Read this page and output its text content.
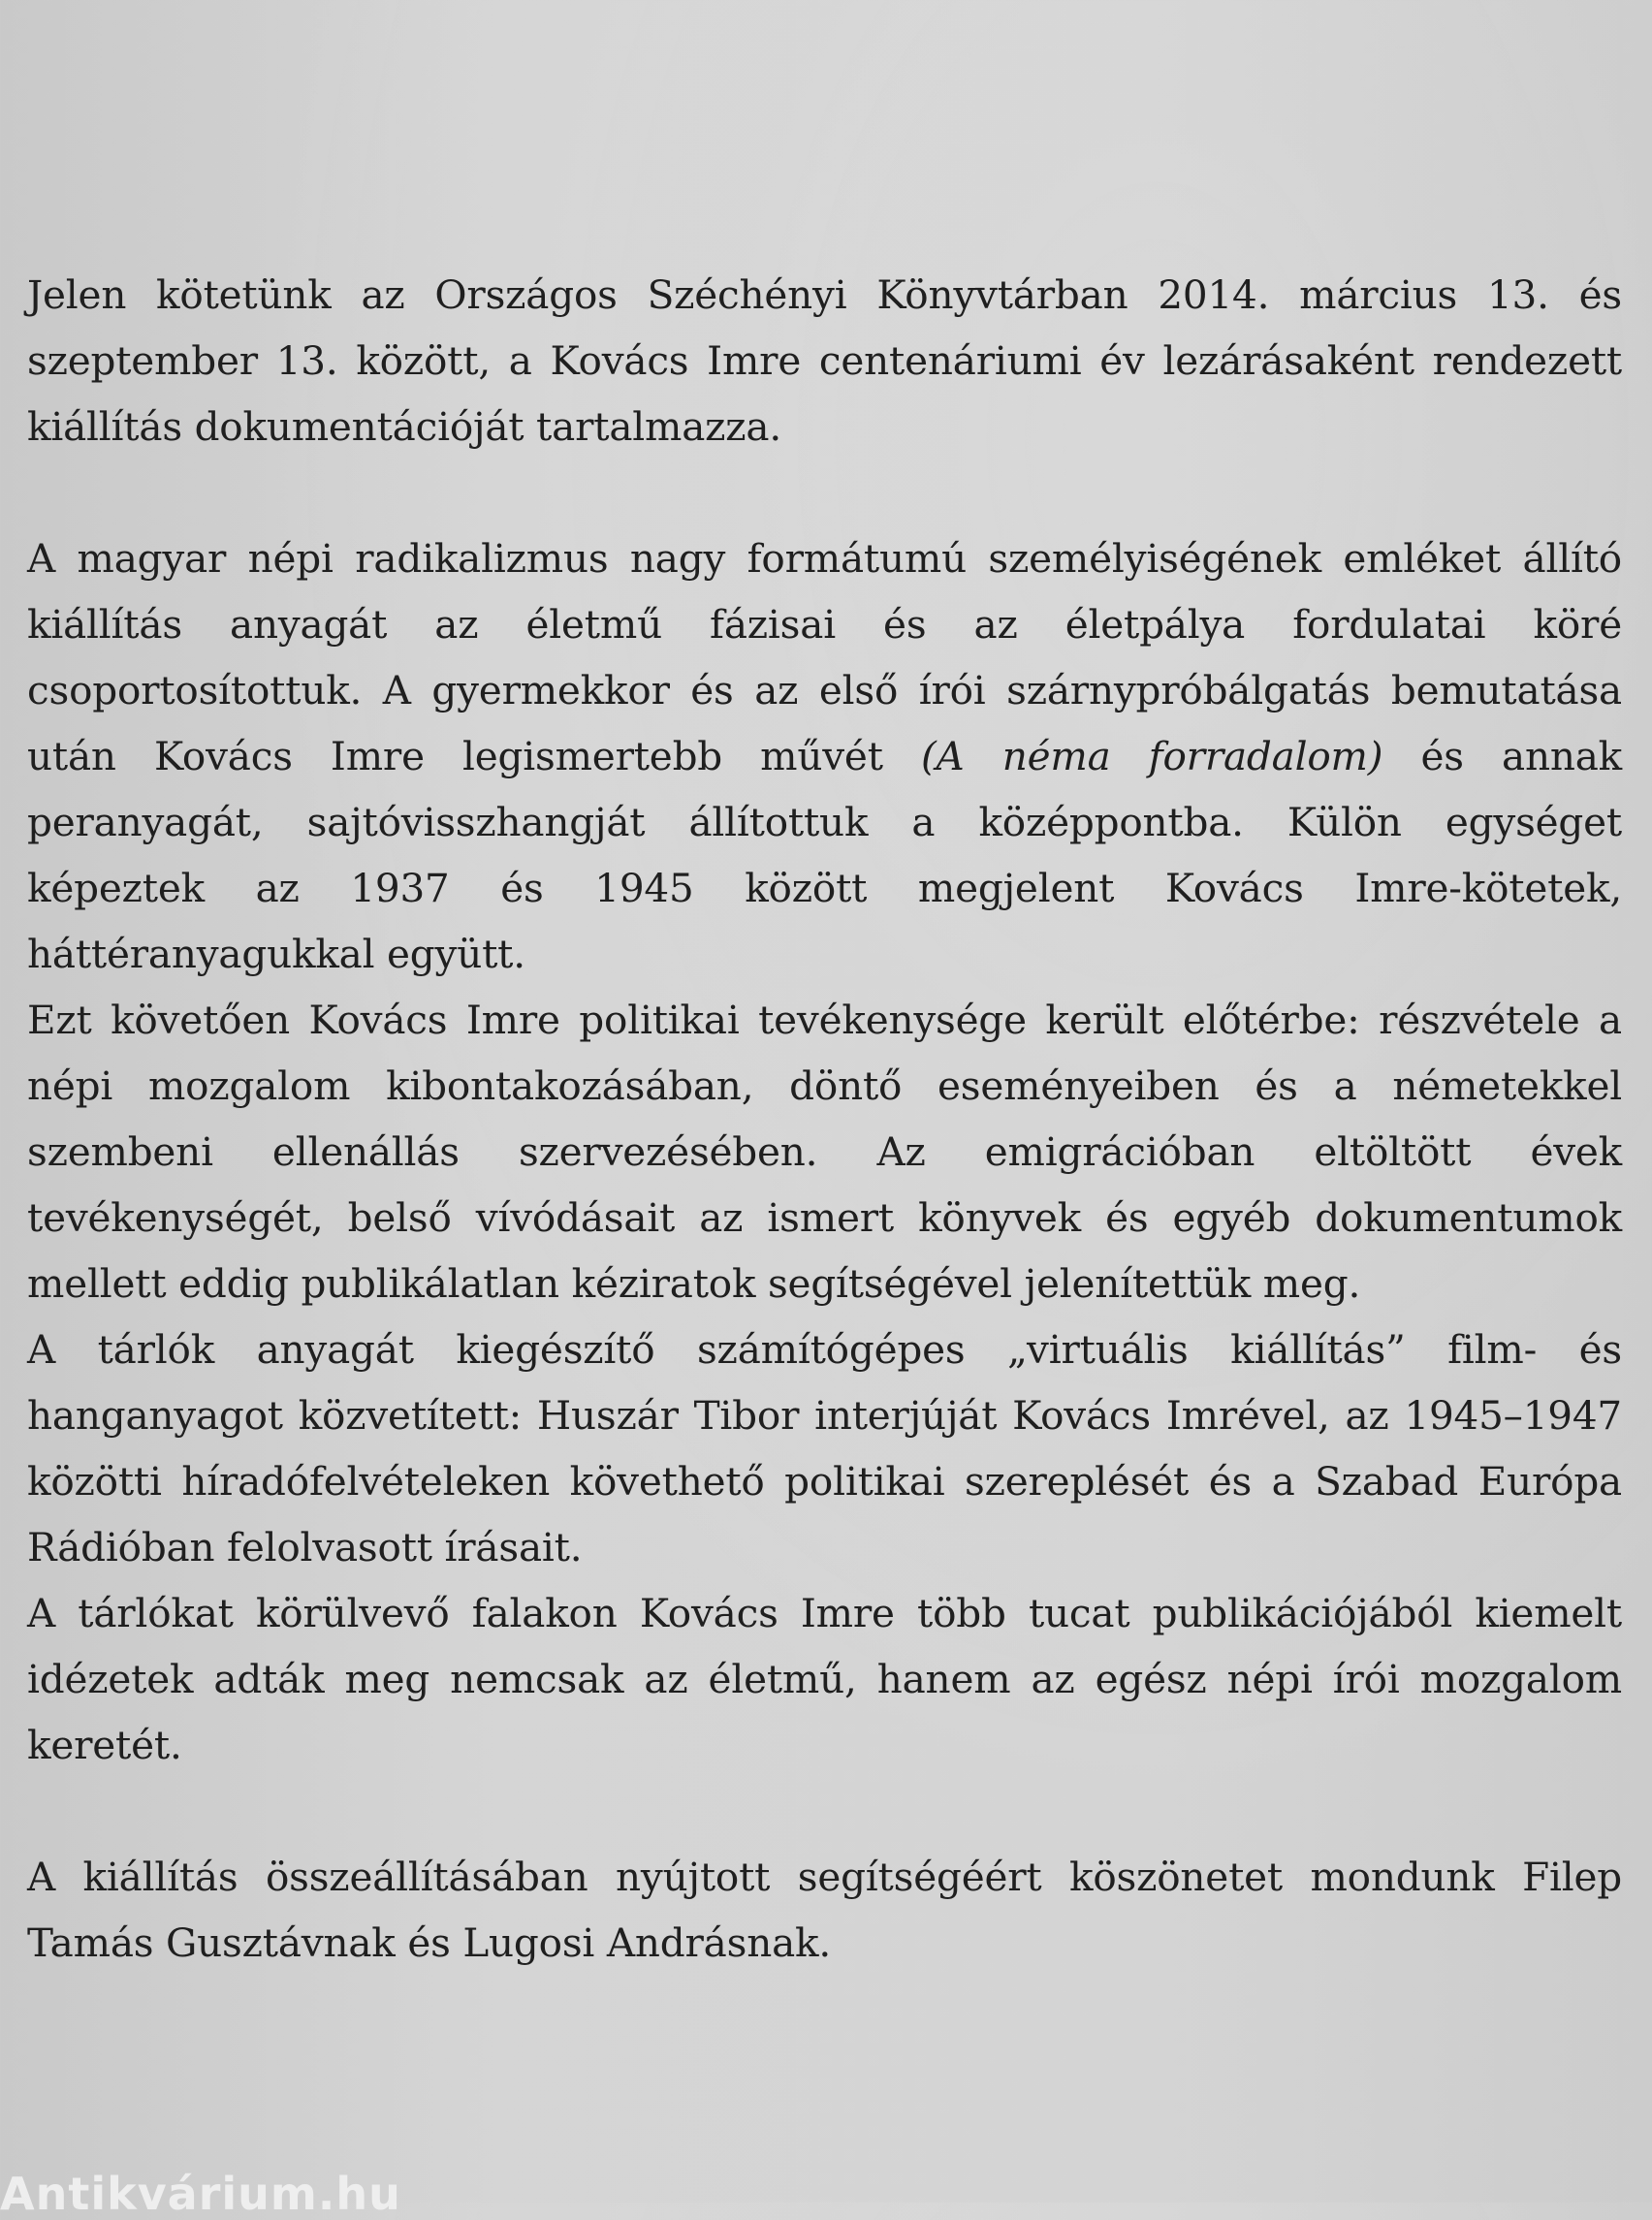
Jelen kötetünk az Országos Széchényi Könyvtárban 2014. március 13. és szeptember 13. között, a Kovács Imre centenáriumi év lezárásaként rendezett kiállítás dokumentációját tartalmazza.

A magyar népi radikalizmus nagy formátumú személyiségének emléket állító kiállítás anyagát az életmű fázisai és az életpálya fordulatai köré csoportosítottuk. A gyermekkor és az első írói szárnypróbálgatás bemutatása után Kovács Imre legismertebb művét (A néma forradalom) és annak peranyagát, sajtóvisszhangját állítottuk a középpontba. Külön egységet képeztek az 1937 és 1945 között megjelent Kovács Imre-kötetek, háttéranyagukkal együtt.

Ezt követően Kovács Imre politikai tevékenysége került előtérbe: részvétele a népi mozgalom kibontakozásában, döntő eseményeiben és a németekkel szembeni ellenállás szervezésében. Az emigrációban eltöltött évek tevékenységét, belső vívódásait az ismert könyvek és egyéb dokumentumok mellett eddig publikálatlan kéziratok segítségével jelenítettük meg.

A tárlók anyagát kiegészítő számítógépes „virtuális kiállítás” film- és hanganyagot közvetített: Huszár Tibor interjúját Kovács Imrével, az 1945–1947 közötti híradófelvételeken követhető politikai szereplését és a Szabad Európa Rádióban felolvasott írásait.

A tárlókat körülvevő falakon Kovács Imre több tucat publikációjából kiemelt idézetek adták meg nemcsak az életmű, hanem az egész népi írói mozgalom keretét.

A kiállítás összeállításában nyújtott segítségéért köszönetet mondunk Filep Tamás Gusztávnak és Lugosi Andrásnak.

Antikvárium.hu
